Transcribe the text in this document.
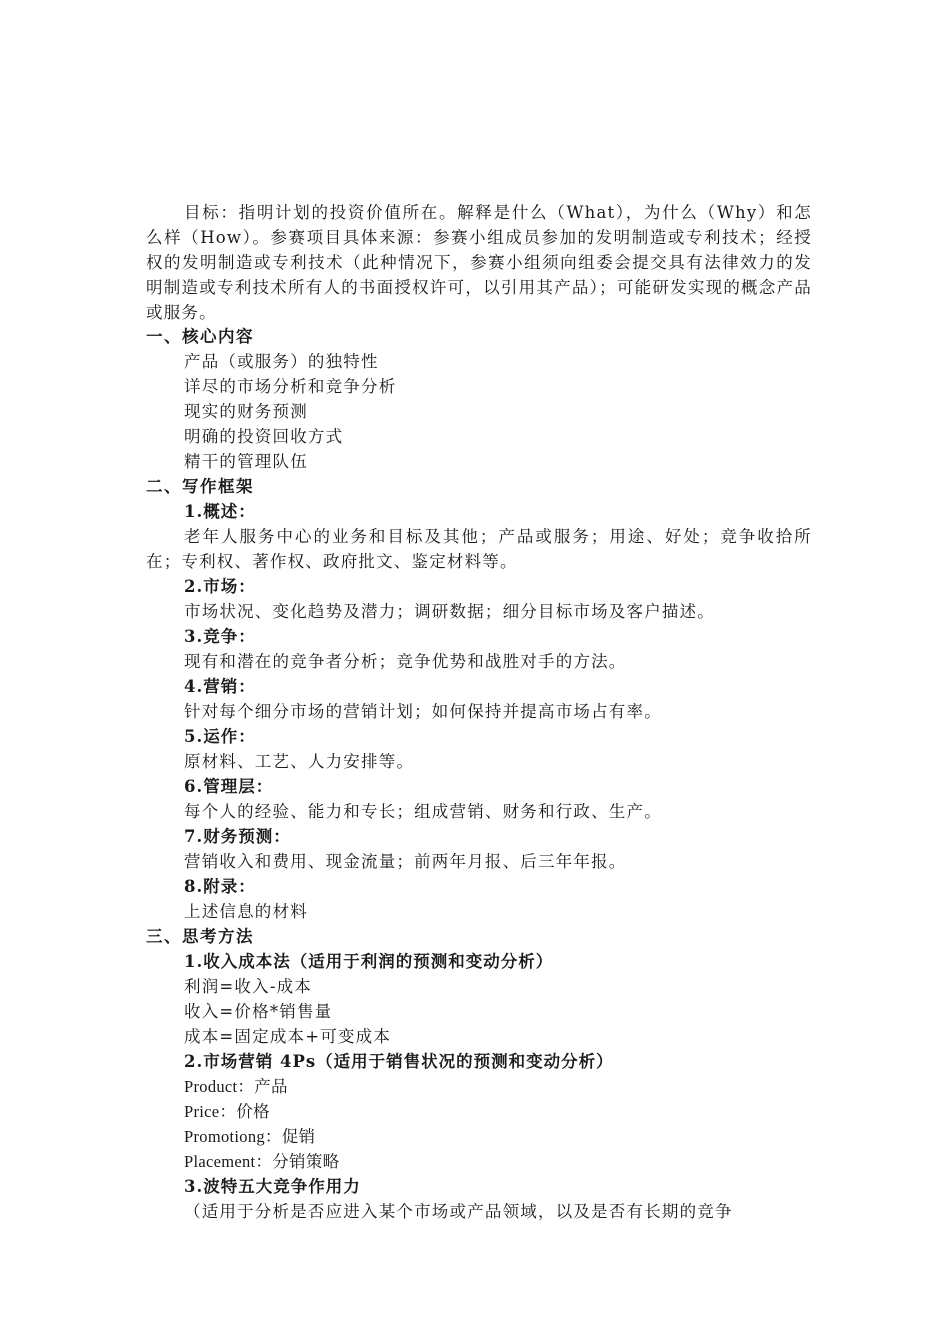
目标：指明计划的投资价值所在。解释是什么（What），为什么（Why）和怎么样（How）。参赛项目具体来源：参赛小组成员参加的发明制造或专利技术；经授权的发明制造或专利技术（此种情况下，参赛小组须向组委会提交具有法律效力的发明制造或专利技术所有人的书面授权许可，以引用其产品）；可能研发实现的概念产品或服务。

一、核心内容
产品（或服务）的独特性
详尽的市场分析和竞争分析
现实的财务预测
明确的投资回收方式
精干的管理队伍
二、写作框架
1.概述：

老年人服务中心的业务和目标及其他；产品或服务；用途、好处；竞争收拾所在；专利权、著作权、政府批文、鉴定材料等。

2.市场：
市场状况、变化趋势及潜力；调研数据；细分目标市场及客户描述。
3.竞争：
现有和潜在的竞争者分析；竞争优势和战胜对手的方法。
4.营销：
针对每个细分市场的营销计划；如何保持并提高市场占有率。
5.运作：
原材料、工艺、人力安排等。
6.管理层：
每个人的经验、能力和专长；组成营销、财务和行政、生产。
7.财务预测：
营销收入和费用、现金流量；前两年月报、后三年年报。
8.附录：
上述信息的材料
三、思考方法
1.收入成本法（适用于利润的预测和变动分析）
利润=收入-成本
收入=价格*销售量
成本=固定成本+可变成本
2.市场营销 4Ps（适用于销售状况的预测和变动分析）
Product：产品
Price：价格
Promotiong：促销
Placement：分销策略
3.波特五大竞争作用力
（适用于分析是否应进入某个市场或产品领域，以及是否有长期的竞争
